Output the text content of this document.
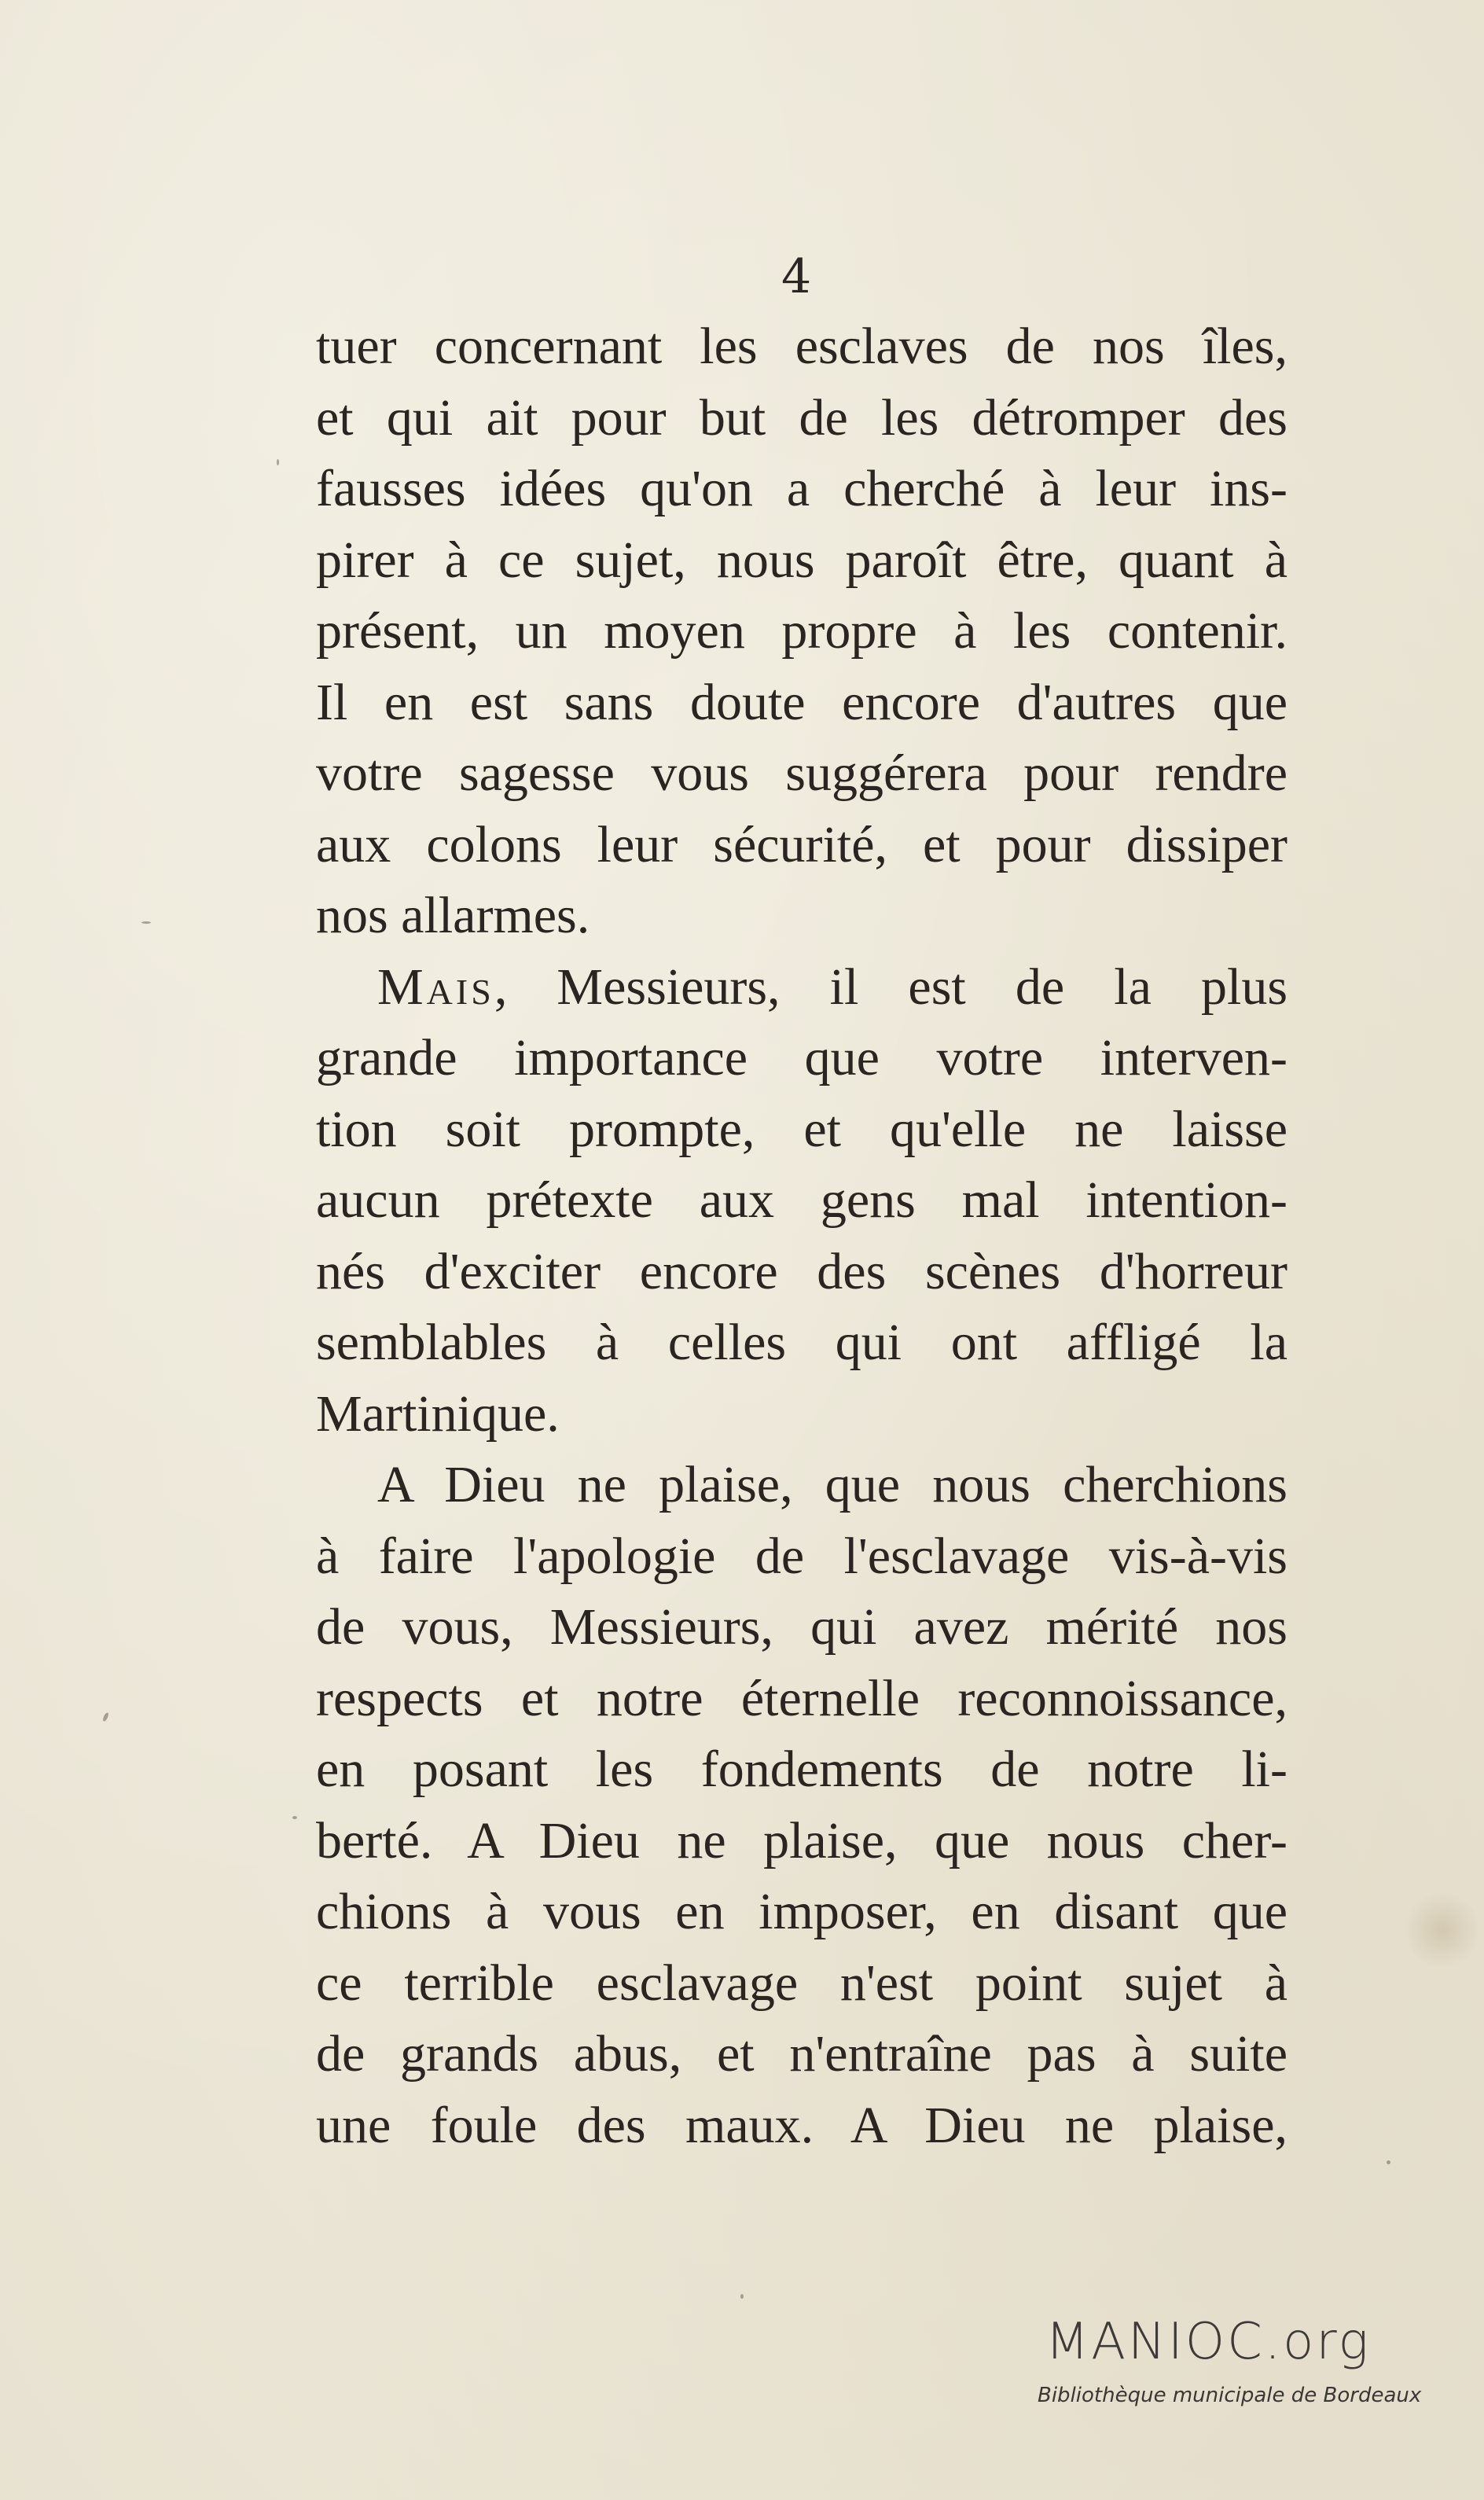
4
tuer concernant les esclaves de nos îles,
et qui ait pour but de les détromper des
fausses idées qu'on a cherché à leur ins-
pirer à ce sujet, nous paroît être, quant à
présent, un moyen propre à les contenir.
Il en est sans doute encore d'autres que
votre sagesse vous suggérera pour rendre
aux colons leur sécurité, et pour dissiper
nos allarmes.
Mais, Messieurs, il est de la plus
grande importance que votre interven-
tion soit prompte, et qu'elle ne laisse
aucun prétexte aux gens mal intention-
nés d'exciter encore des scènes d'horreur
semblables à celles qui ont affligé la
Martinique.
A Dieu ne plaise, que nous cherchions
à faire l'apologie de l'esclavage vis-à-vis
de vous, Messieurs, qui avez mérité nos
respects et notre éternelle reconnoissance,
en posant les fondements de notre li-
berté. A Dieu ne plaise, que nous cher-
chions à vous en imposer, en disant que
ce terrible esclavage n'est point sujet à
de grands abus, et n'entraîne pas à suite
une foule des maux. A Dieu ne plaise,
MANIOC.org
Bibliothèque municipale de Bordeaux
